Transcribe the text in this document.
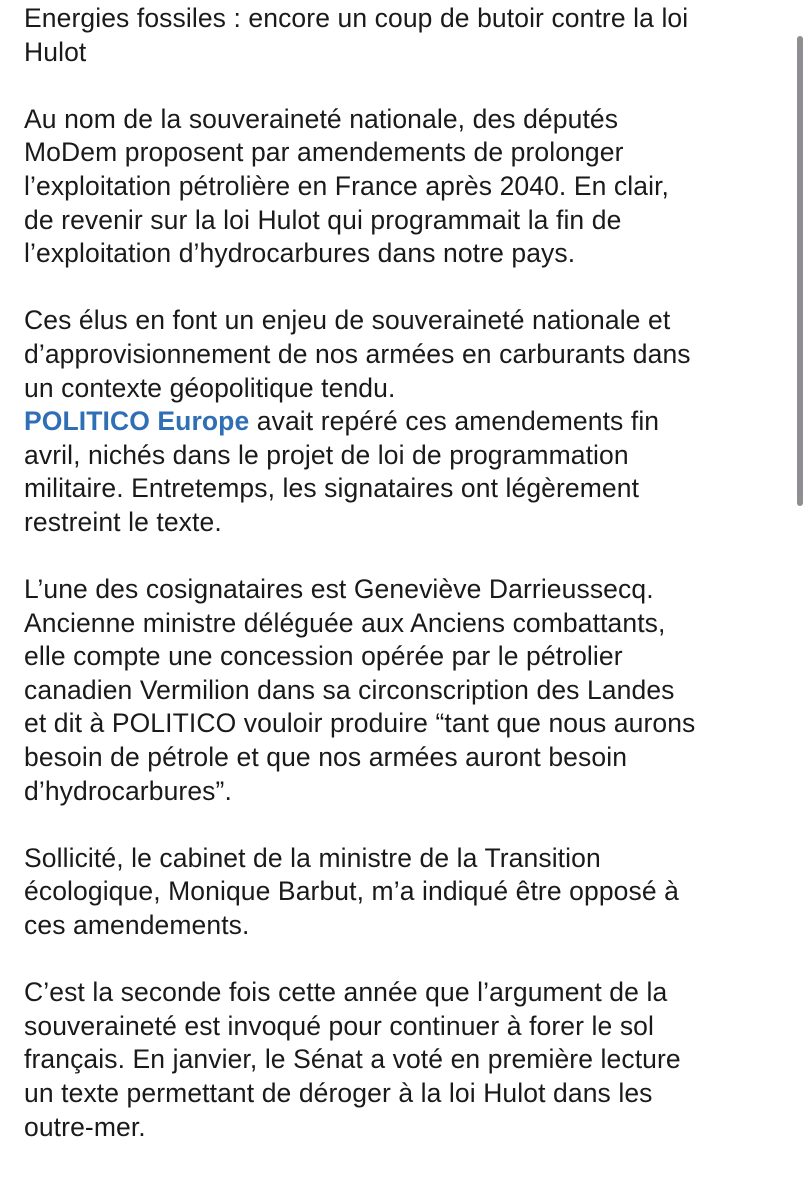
Energies fossiles : encore un coup de butoir contre la loi
Hulot
Au nom de la souveraineté nationale, des députés
MoDem proposent par amendements de prolonger
l’exploitation pétrolière en France après 2040. En clair,
de revenir sur la loi Hulot qui programmait la fin de
l’exploitation d’hydrocarbures dans notre pays.
Ces élus en font un enjeu de souveraineté nationale et
d’approvisionnement de nos armées en carburants dans
un contexte géopolitique tendu.
POLITICO Europe avait repéré ces amendements fin
avril, nichés dans le projet de loi de programmation
militaire. Entretemps, les signataires ont légèrement
restreint le texte.
L’une des cosignataires est Geneviève Darrieussecq.
Ancienne ministre déléguée aux Anciens combattants,
elle compte une concession opérée par le pétrolier
canadien Vermilion dans sa circonscription des Landes
et dit à POLITICO vouloir produire “tant que nous aurons
besoin de pétrole et que nos armées auront besoin
d’hydrocarbures”.
Sollicité, le cabinet de la ministre de la Transition
écologique, Monique Barbut, m’a indiqué être opposé à
ces amendements.
C’est la seconde fois cette année que l’argument de la
souveraineté est invoqué pour continuer à forer le sol
français. En janvier, le Sénat a voté en première lecture
un texte permettant de déroger à la loi Hulot dans les
outre-mer.
